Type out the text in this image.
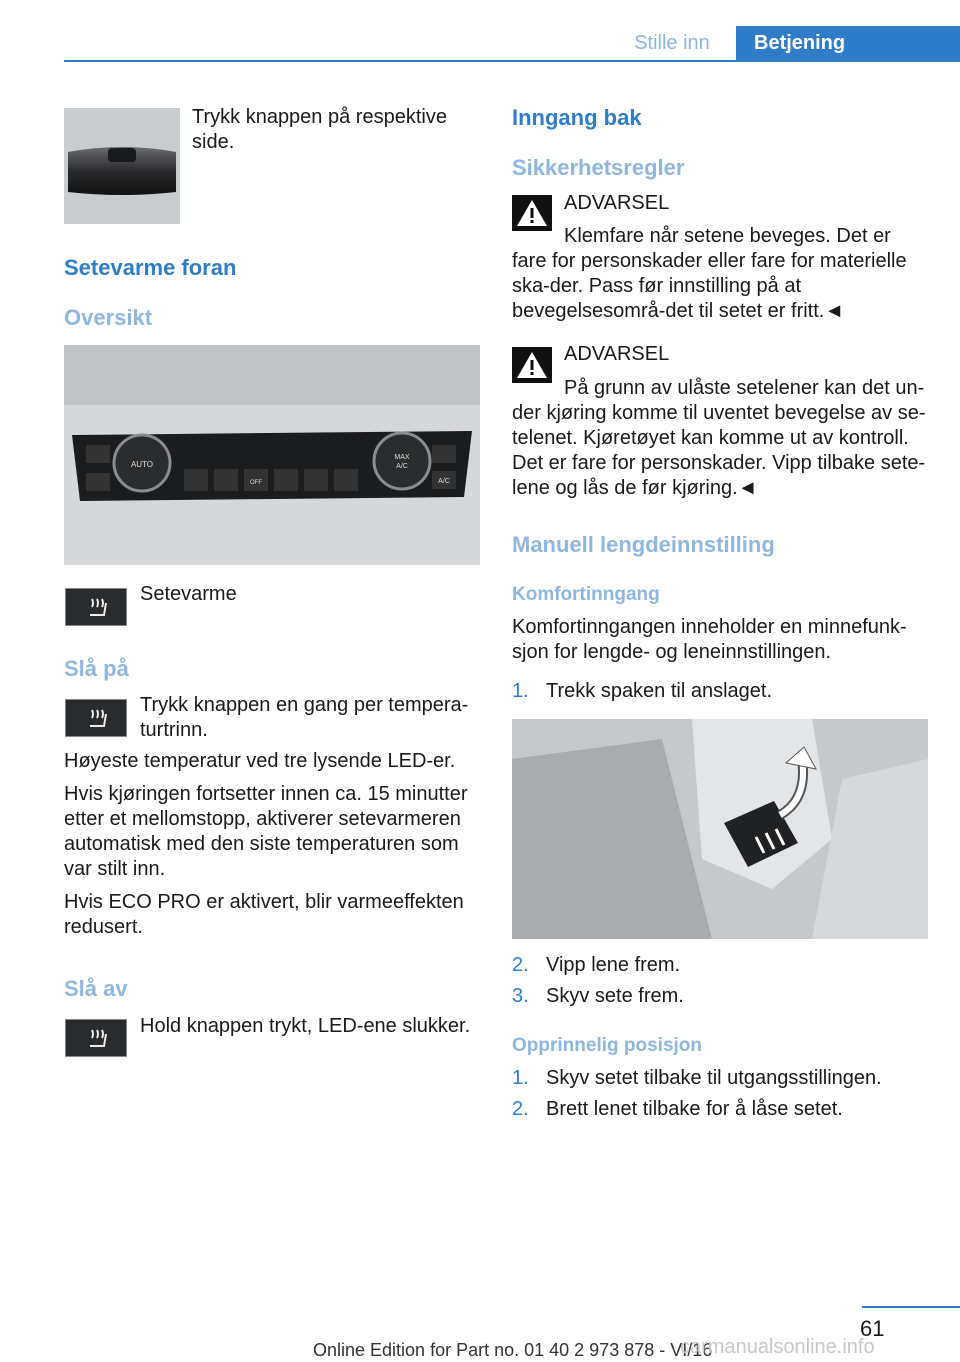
Stille inn	Betjening

Trykk knappen på respektive side.

Setevarme foran
Oversikt
AUTO
MAX
A/C
A/C
OFF

Setevarme

Slå på

Trykk knappen en gang per tempera-turtrinn.

Høyeste temperatur ved tre lysende LED-er.

Hvis kjøringen fortsetter innen ca. 15 minutter etter et mellomstopp, aktiverer setevarmeren automatisk med den siste temperaturen som var stilt inn.

Hvis ECO PRO er aktivert, blir varmeeffekten redusert.

Slå av

Hold knappen trykt, LED-ene slukker.

Inngang bak
Sikkerhetsregler

ADVARSEL

Klemfare når setene beveges. Det er fare for personskader eller fare for materielle ska-der. Pass før innstilling på at bevegelsesområ-det til setet er fritt.◄

ADVARSEL

På grunn av ulåste setelener kan det un-der kjøring komme til uventet bevegelse av se-telenet. Kjøretøyet kan komme ut av kontroll. Det er fare for personskader. Vipp tilbake sete-lene og lås de før kjøring.◄
Manuell lengdeinnstilling
Komfortinngang

Komfortinngangen inneholder en minnefunk-sjon for lengde- og leneinnstillingen.

1. Trekk spaken til anslaget.
2. Vipp lene frem.
3. Skyv sete frem.
Opprinnelig posisjon
1. Skyv setet tilbake til utgangsstillingen.
2. Brett lenet tilbake for å låse setet.
61
Online Edition for Part no. 01 40 2 973 878 - VI/16
carmanualsonline.info
